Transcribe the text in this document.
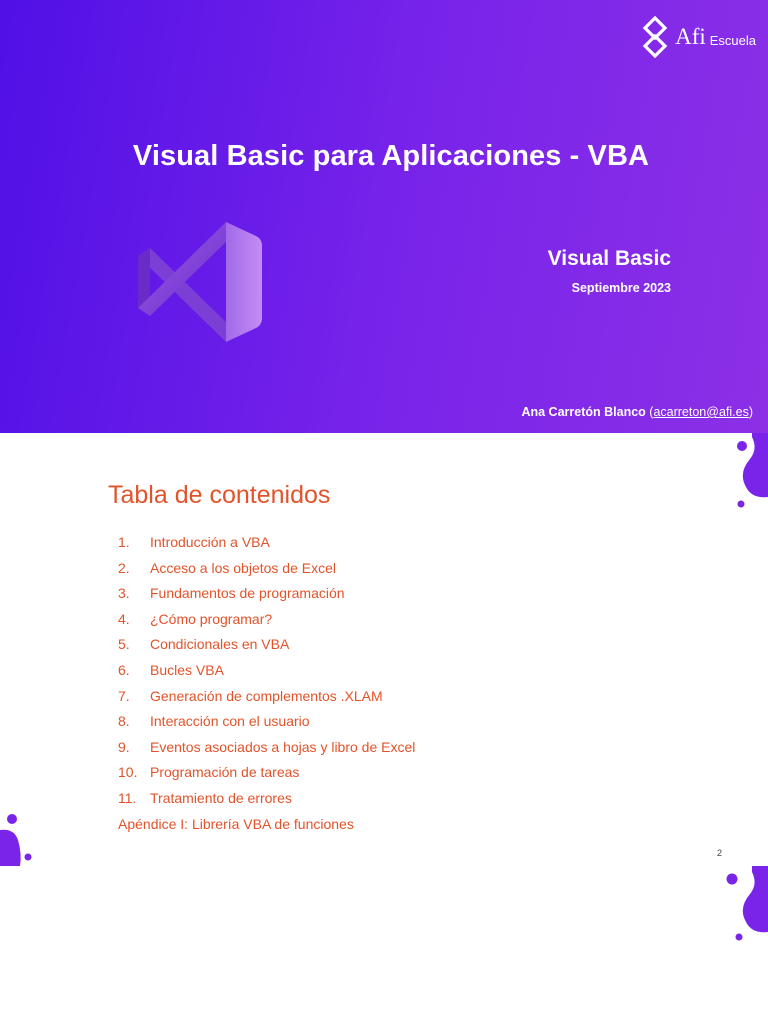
Afi Escuela
Visual Basic para Aplicaciones - VBA
Visual Basic
Septiembre 2023
Ana Carretón Blanco (acarreton@afi.es)
Tabla de contenidos
1.	Introducción a VBA
2.	Acceso a los objetos de Excel
3.	Fundamentos de programación
4.	¿Cómo programar?
5.	Condicionales en VBA
6.	Bucles VBA
7.	Generación de complementos .XLAM
8.	Interacción con el usuario
9.	Eventos asociados a hojas y libro de Excel
10. Programación de tareas
11. Tratamiento de errores
Apéndice I: Librería VBA de funciones
2
